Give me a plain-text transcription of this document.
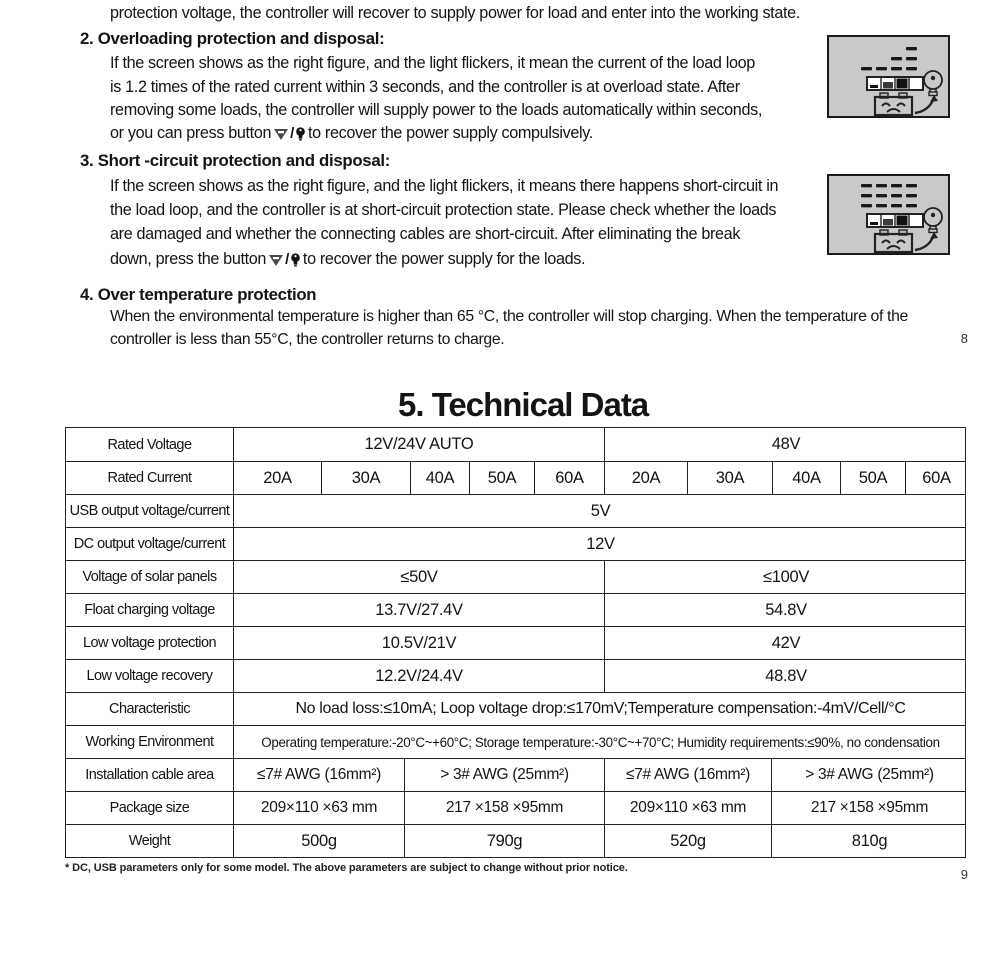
protection voltage, the controller will recover to supply power for load and enter into the working state.
2. Overloading protection and disposal:
If the screen shows as the right figure, and the light flickers, it mean the current of the load loop
is 1.2 times of the rated current within 3 seconds, and the controller is at overload state. After
removing some loads, the controller will supply power to the loads automatically within seconds,
or you can press button / to recover the power supply compulsively.
3. Short -circuit protection and disposal:
If the screen shows as the right figure, and the light flickers, it means there happens short-circuit in
the load loop, and the controller is at short-circuit protection state. Please check whether the loads
are damaged and whether the connecting cables are short-circuit. After eliminating the break
down, press the button / to recover the power supply for the loads.
4. Over temperature protection
When the environmental temperature is higher than 65 °C, the controller will stop charging. When the temperature of the
controller is less than 55°C, the controller returns to charge.	8
5. Technical Data
Rated Voltage	12V/24V AUTO	48V
Rated Current	20A	30A	40A	50A	60A	20A	30A	40A	50A	60A
USB output voltage/current	5V
DC output voltage/current	12V
Voltage of solar panels	≤50V	≤100V
Float charging voltage	13.7V/27.4V	54.8V
Low voltage protection	10.5V/21V	42V
Low voltage recovery	12.2V/24.4V	48.8V
Characteristic	No load loss:≤10mA; Loop voltage drop:≤170mV;Temperature compensation:-4mV/Cell/°C
Working Environment	Operating temperature:-20°C~+60°C; Storage temperature:-30°C~+70°C; Humidity requirements:≤90%, no condensation
Installation cable area	≤7# AWG (16mm²)	> 3# AWG (25mm²)	≤7# AWG (16mm²)	> 3# AWG (25mm²)
Package size	209×110 ×63 mm	217 ×158 ×95mm	209×110 ×63 mm	217 ×158 ×95mm
Weight	500g	790g	520g	810g
* DC, USB parameters only for some model. The above parameters are subject to change without prior notice.	9
